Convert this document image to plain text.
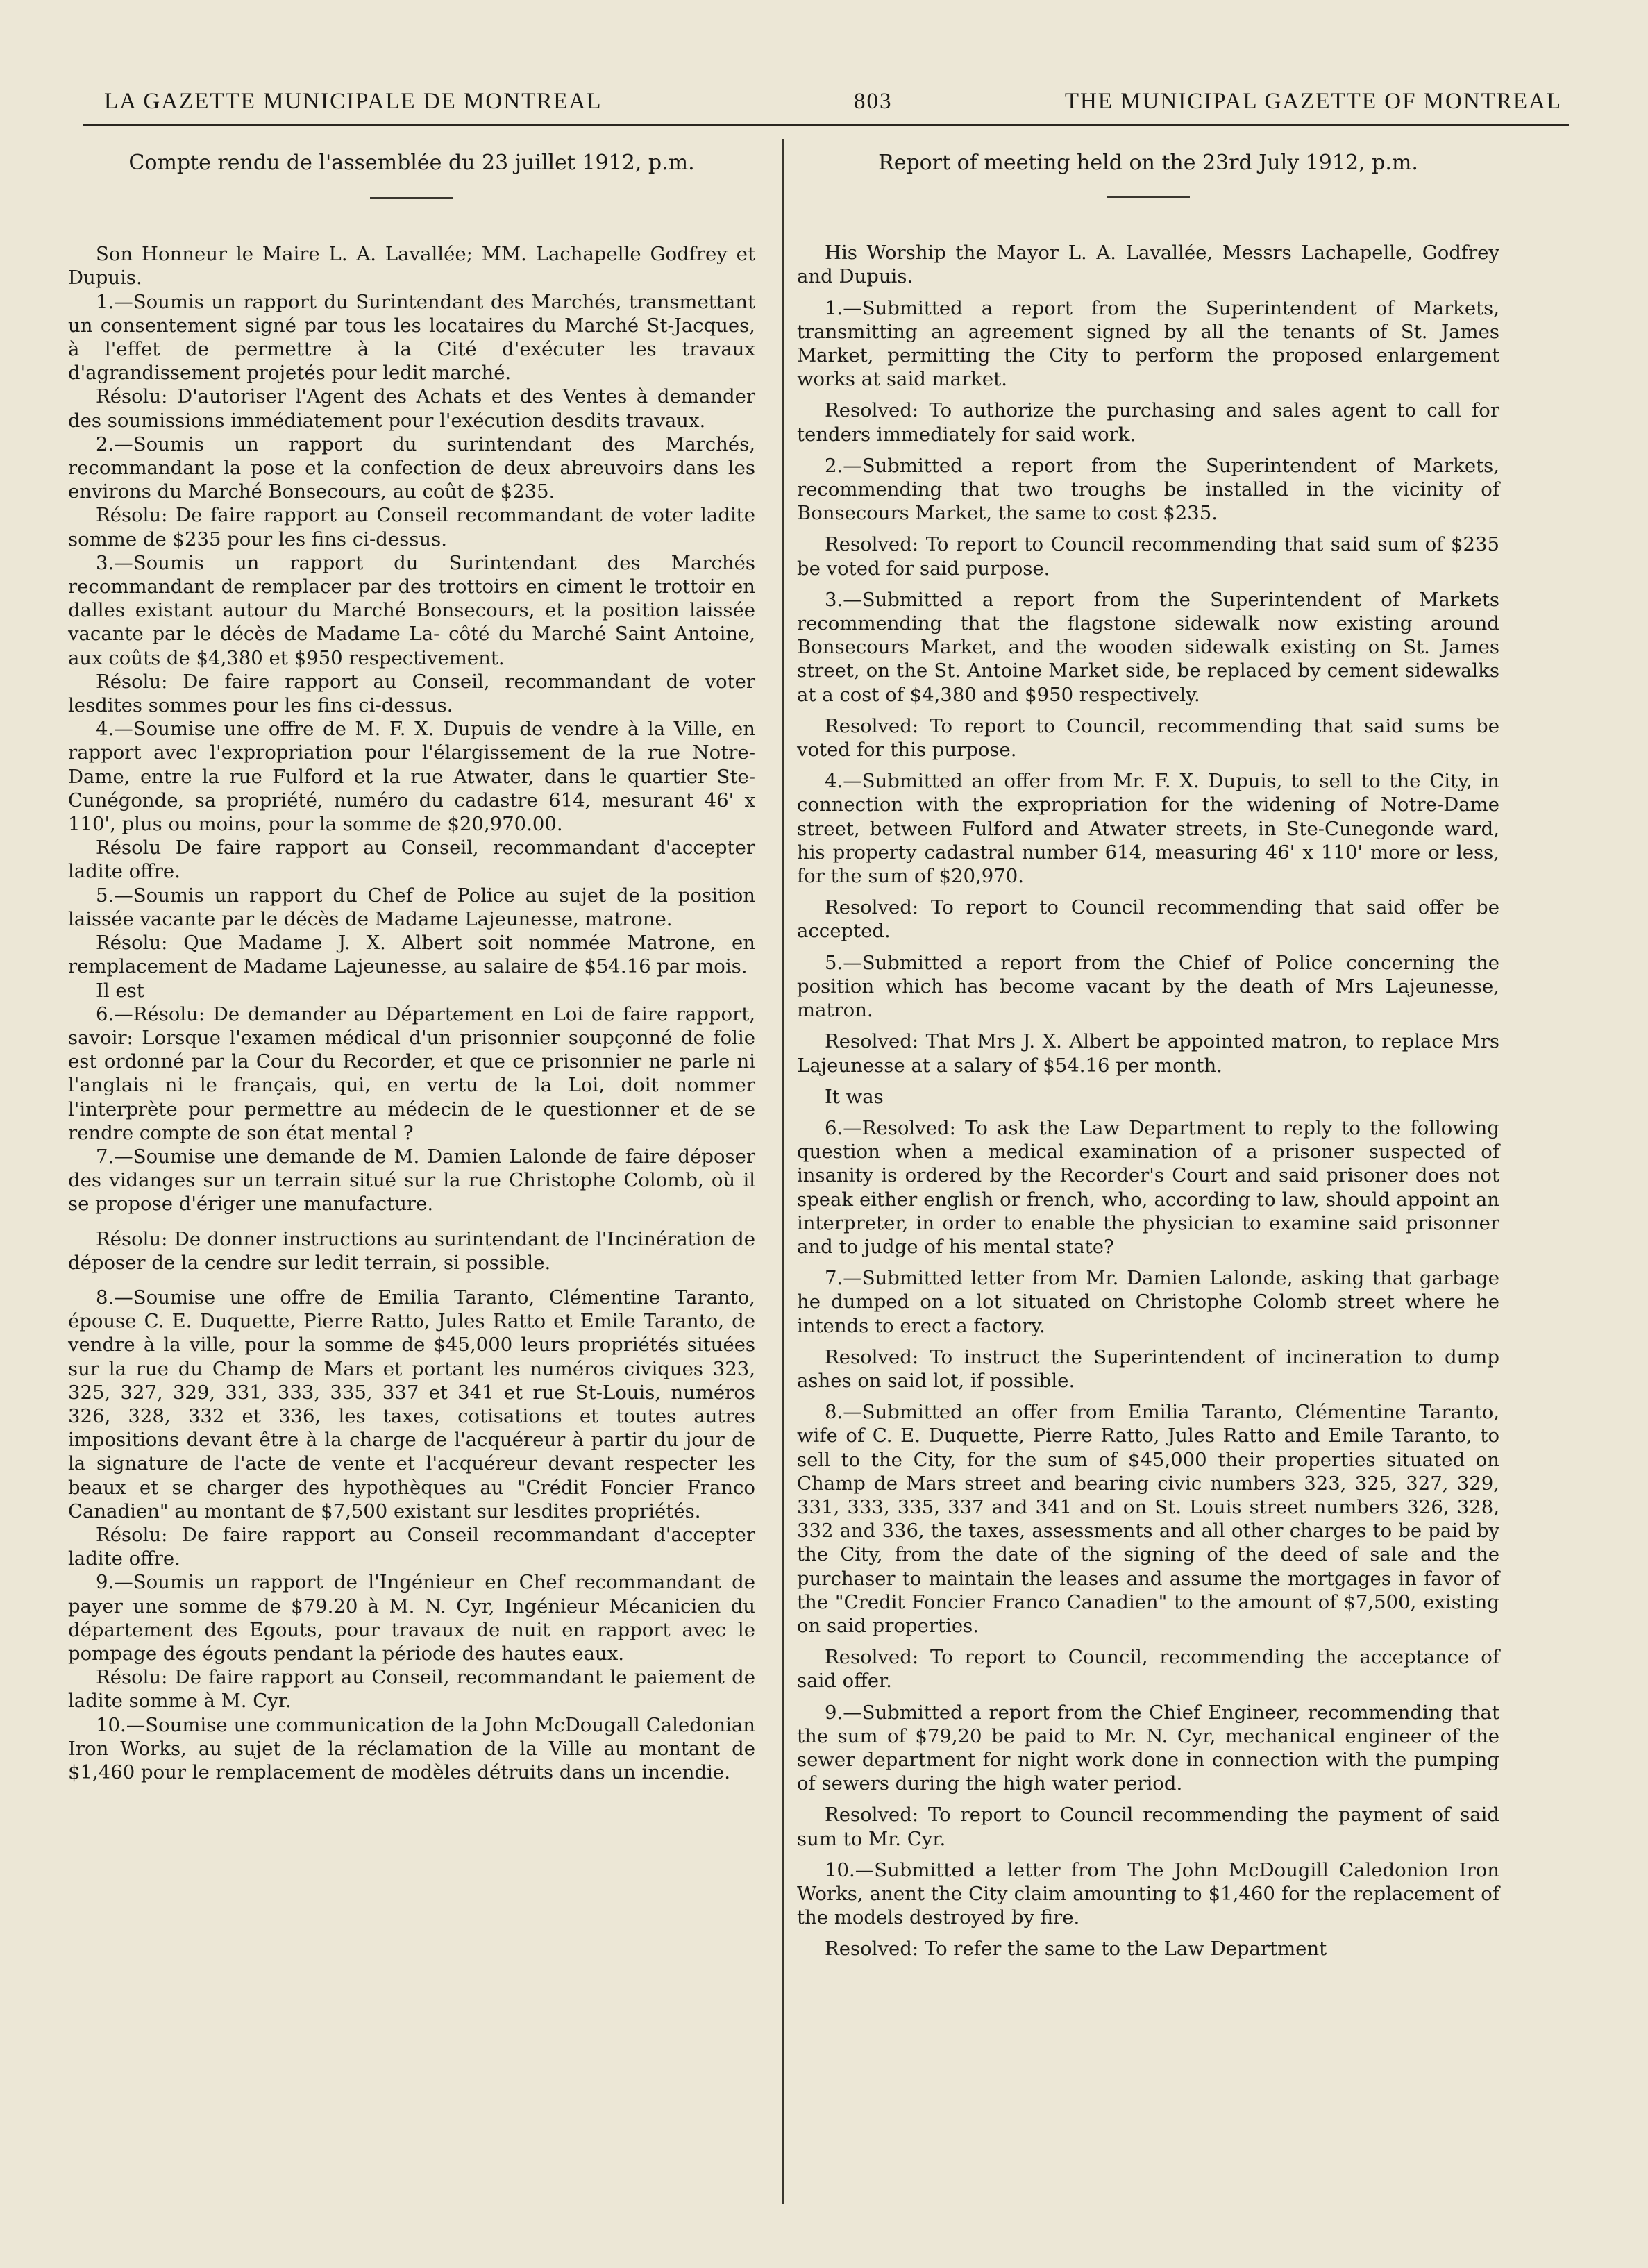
LA GAZETTE MUNICIPALE DE MONTREAL	803	THE MUNICIPAL GAZETTE OF MONTREAL

Compte rendu de l'assemblée du 23 juillet 1912, p.m.

Son Honneur le Maire L. A. Lavallée; MM. Lachapelle Godfrey et Dupuis.

1.—Soumis un rapport du Surintendant des Marchés, transmettant un consentement signé par tous les locataires du Marché St-Jacques, à l'effet de permettre à la Cité d'exécuter les travaux d'agrandissement projetés pour ledit marché.

Résolu: D'autoriser l'Agent des Achats et des Ventes à demander des soumissions immédiatement pour l'exécution desdits travaux.

2.—Soumis un rapport du surintendant des Marchés, recommandant la pose et la confection de deux abreuvoirs dans les environs du Marché Bonsecours, au coût de $235.

Résolu: De faire rapport au Conseil recommandant de voter ladite somme de $235 pour les fins ci-dessus.

3.—Soumis un rapport du Surintendant des Marchés recommandant de remplacer par des trottoirs en ciment le trottoir en dalles existant autour du Marché Bonsecours, et la position laissée vacante par le décès de Madame La- côté du Marché Saint Antoine, aux coûts de $4,380 et $950 respectivement.

Résolu: De faire rapport au Conseil, recommandant de voter lesdites sommes pour les fins ci-dessus.

4.—Soumise une offre de M. F. X. Dupuis de vendre à la Ville, en rapport avec l'expropriation pour l'élargissement de la rue Notre-Dame, entre la rue Fulford et la rue Atwater, dans le quartier Ste-Cunégonde, sa propriété, numéro du cadastre 614, mesurant 46' x 110', plus ou moins, pour la somme de $20,970.00.

Résolu De faire rapport au Conseil, recommandant d'accepter ladite offre.

5.—Soumis un rapport du Chef de Police au sujet de la position laissée vacante par le décès de Madame Lajeunesse, matrone.

Résolu: Que Madame J. X. Albert soit nommée Matrone, en remplacement de Madame Lajeunesse, au salaire de $54.16 par mois.

Il est

6.—Résolu: De demander au Département en Loi de faire rapport, savoir: Lorsque l'examen médical d'un prisonnier soupçonné de folie est ordonné par la Cour du Recorder, et que ce prisonnier ne parle ni l'anglais ni le français, qui, en vertu de la Loi, doit nommer l'interprète pour permettre au médecin de le questionner et de se rendre compte de son état mental ?

7.—Soumise une demande de M. Damien Lalonde de faire déposer des vidanges sur un terrain situé sur la rue Christophe Colomb, où il se propose d'ériger une manufacture.

Résolu: De donner instructions au surintendant de l'Incinération de déposer de la cendre sur ledit terrain, si possible.

8.—Soumise une offre de Emilia Taranto, Clémentine Taranto, épouse C. E. Duquette, Pierre Ratto, Jules Ratto et Emile Taranto, de vendre à la ville, pour la somme de $45,000 leurs propriétés situées sur la rue du Champ de Mars et portant les numéros civiques 323, 325, 327, 329, 331, 333, 335, 337 et 341 et rue St-Louis, numéros 326, 328, 332 et 336, les taxes, cotisations et toutes autres impositions devant être à la charge de l'acquéreur à partir du jour de la signature de l'acte de vente et l'acquéreur devant respecter les beaux et se charger des hypothèques au "Crédit Foncier Franco Canadien" au montant de $7,500 existant sur lesdites propriétés.

Résolu: De faire rapport au Conseil recommandant d'accepter ladite offre.

9.—Soumis un rapport de l'Ingénieur en Chef recommandant de payer une somme de $79.20 à M. N. Cyr, Ingénieur Mécanicien du département des Egouts, pour travaux de nuit en rapport avec le pompage des égouts pendant la période des hautes eaux.

Résolu: De faire rapport au Conseil, recommandant le paiement de ladite somme à M. Cyr.

10.—Soumise une communication de la John McDougall Caledonian Iron Works, au sujet de la réclamation de la Ville au montant de $1,460 pour le remplacement de modèles détruits dans un incendie.

Report of meeting held on the 23rd July 1912, p.m.

His Worship the Mayor L. A. Lavallée, Messrs Lachapelle, Godfrey and Dupuis.

1.—Submitted a report from the Superintendent of Markets, transmitting an agreement signed by all the tenants of St. James Market, permitting the City to perform the proposed enlargement works at said market.

Resolved: To authorize the purchasing and sales agent to call for tenders immediately for said work.

2.—Submitted a report from the Superintendent of Markets, recommending that two troughs be installed in the vicinity of Bonsecours Market, the same to cost $235.

Resolved: To report to Council recommending that said sum of $235 be voted for said purpose.

3.—Submitted a report from the Superintendent of Markets recommending that the flagstone sidewalk now existing around Bonsecours Market, and the wooden sidewalk existing on St. James street, on the St. Antoine Market side, be replaced by cement sidewalks at a cost of $4,380 and $950 respectively.

Resolved: To report to Council, recommending that said sums be voted for this purpose.

4.—Submitted an offer from Mr. F. X. Dupuis, to sell to the City, in connection with the expropriation for the widening of Notre-Dame street, between Fulford and Atwater streets, in Ste-Cunegonde ward, his property cadastral number 614, measuring 46' x 110' more or less, for the sum of $20,970.

Resolved: To report to Council recommending that said offer be accepted.

5.—Submitted a report from the Chief of Police concerning the position which has become vacant by the death of Mrs Lajeunesse, matron.

Resolved: That Mrs J. X. Albert be appointed matron, to replace Mrs Lajeunesse at a salary of $54.16 per month.

It was

6.—Resolved: To ask the Law Department to reply to the following question when a medical examination of a prisoner suspected of insanity is ordered by the Recorder's Court and said prisoner does not speak either english or french, who, according to law, should appoint an interpreter, in order to enable the physician to examine said prisonner and to judge of his mental state?

7.—Submitted letter from Mr. Damien Lalonde, asking that garbage he dumped on a lot situated on Christophe Colomb street where he intends to erect a factory.

Resolved: To instruct the Superintendent of incineration to dump ashes on said lot, if possible.

8.—Submitted an offer from Emilia Taranto, Clémentine Taranto, wife of C. E. Duquette, Pierre Ratto, Jules Ratto and Emile Taranto, to sell to the City, for the sum of $45,000 their properties situated on Champ de Mars street and bearing civic numbers 323, 325, 327, 329, 331, 333, 335, 337 and 341 and on St. Louis street numbers 326, 328, 332 and 336, the taxes, assessments and all other charges to be paid by the City, from the date of the signing of the deed of sale and the purchaser to maintain the leases and assume the mortgages in favor of the "Credit Foncier Franco Canadien" to the amount of $7,500, existing on said properties.

Resolved: To report to Council, recommending the acceptance of said offer.

9.—Submitted a report from the Chief Engineer, recommending that the sum of $79,20 be paid to Mr. N. Cyr, mechanical engineer of the sewer department for night work done in connection with the pumping of sewers during the high water period.

Resolved: To report to Council recommending the payment of said sum to Mr. Cyr.

10.—Submitted a letter from The John McDougill Caledonion Iron Works, anent the City claim amounting to $1,460 for the replacement of the models destroyed by fire.

Resolved: To refer the same to the Law Department
